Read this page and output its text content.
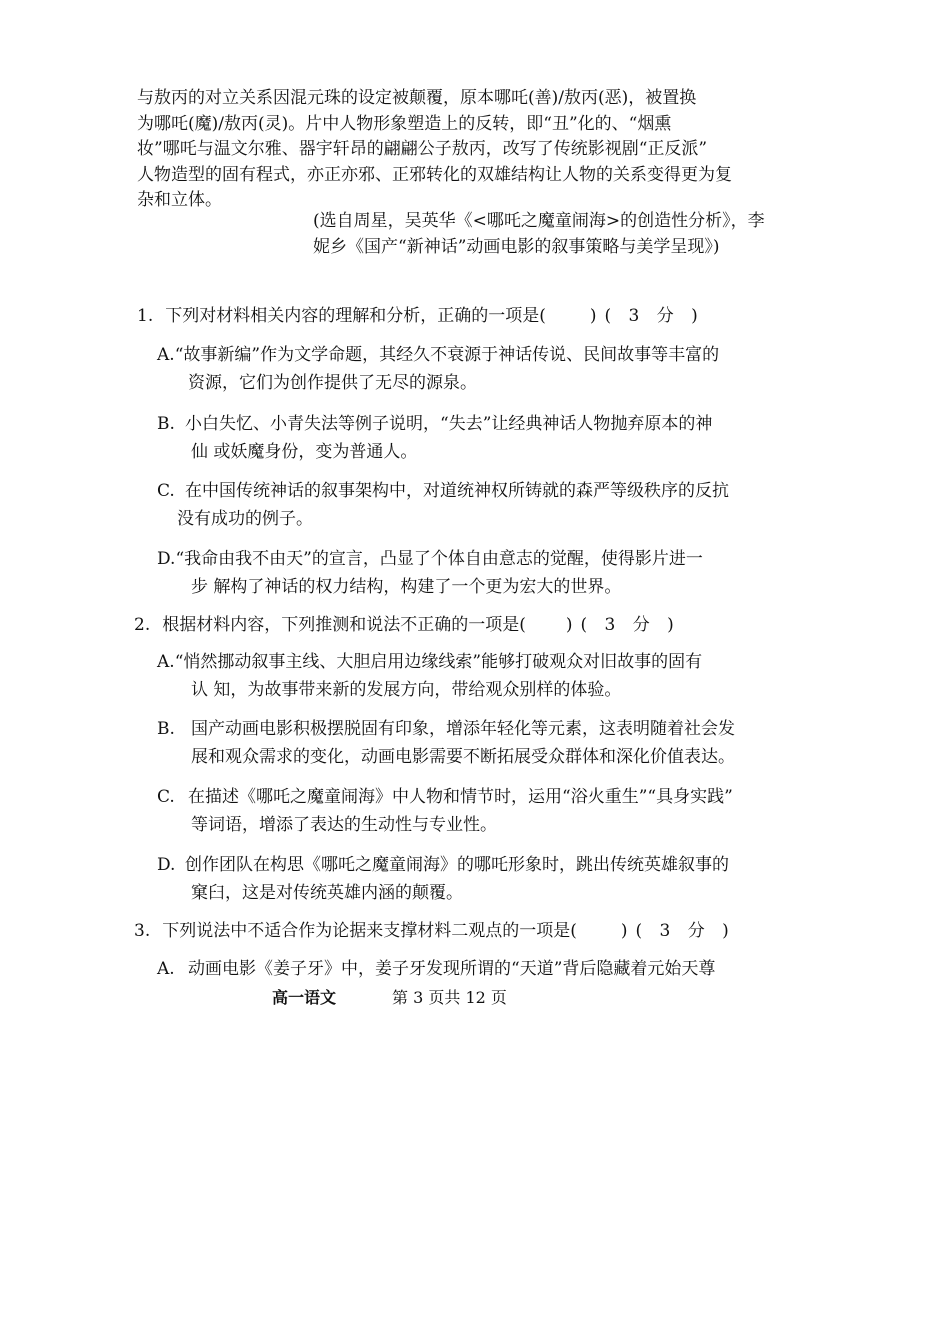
与敖丙的对立关系因混元珠的设定被颠覆，原本哪吒(善)/敖丙(恶)，被置换
为哪吒(魔)/敖丙(灵)。片中人物形象塑造上的反转，即“丑”化的、“烟熏
妆”哪吒与温文尔雅、器宇轩昂的翩翩公子敖丙，改写了传统影视剧“正反派”
人物造型的固有程式，亦正亦邪、正邪转化的双雄结构让人物的关系变得更为复
杂和立体。
(选自周星，吴英华《<哪吒之魔童闹海>的创造性分析》，李
妮乡《国产“新神话”动画电影的叙事策略与美学呈现》)
1. 下列对材料相关内容的理解和分析，正确的一项是(	) ( 3 分 )
A.“故事新编”作为文学命题，其经久不衰源于神话传说、民间故事等丰富的
资源，它们为创作提供了无尽的源泉。
B. 小白失忆、小青失法等例子说明，“失去”让经典神话人物抛弃原本的神
仙 或妖魔身份，变为普通人。
C. 在中国传统神话的叙事架构中，对道统神权所铸就的森严等级秩序的反抗
没有成功的例子。
D.“我命由我不由天”的宣言，凸显了个体自由意志的觉醒，使得影片进一
步 解构了神话的权力结构，构建了一个更为宏大的世界。
2. 根据材料内容，下列推测和说法不正确的一项是( ) ( 3 分 )
A.“悄然挪动叙事主线、大胆启用边缘线索”能够打破观众对旧故事的固有
认 知，为故事带来新的发展方向，带给观众别样的体验。
B. 国产动画电影积极摆脱固有印象，增添年轻化等元素，这表明随着社会发
展和观众需求的变化，动画电影需要不断拓展受众群体和深化价值表达。
C. 在描述《哪吒之魔童闹海》中人物和情节时，运用“浴火重生”“具身实践”
等词语，增添了表达的生动性与专业性。
D. 创作团队在构思《哪吒之魔童闹海》的哪吒形象时，跳出传统英雄叙事的
窠臼，这是对传统英雄内涵的颠覆。
3. 下列说法中不适合作为论据来支撑材料二观点的一项是(	) ( 3 分 )
A. 动画电影《姜子牙》中，姜子牙发现所谓的“天道”背后隐藏着元始天尊
高一语文	第 3 页共 12 页
